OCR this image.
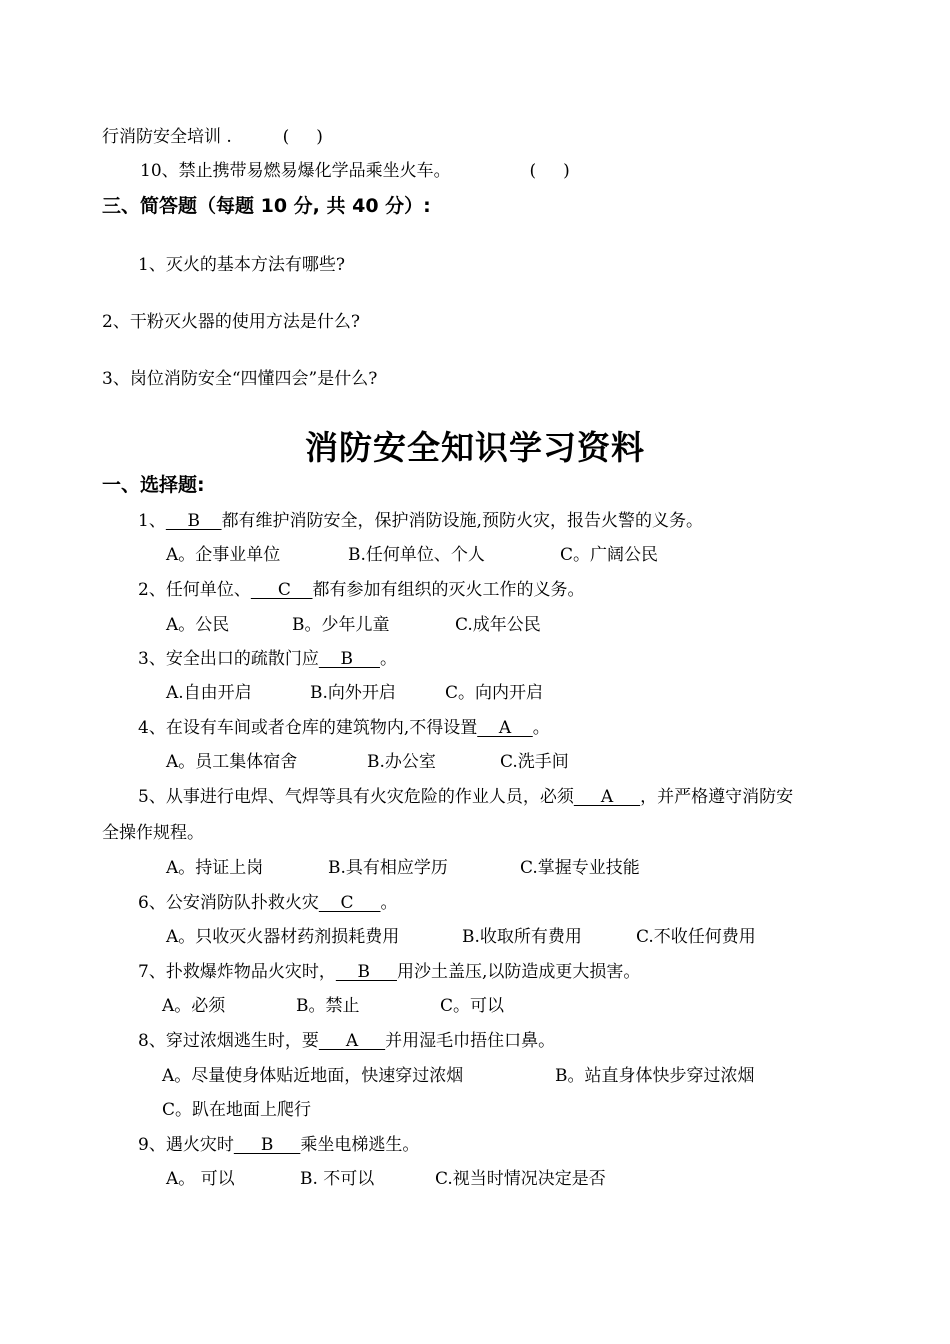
行消防安全培训 .	(     )
10、禁止携带易燃易爆化学品乘坐火车。	(     )
三、简答题（每题 10 分, 共 40 分）:
1、灭火的基本方法有哪些?
2、干粉灭火器的使用方法是什么?
3、岗位消防安全“四懂四会”是什么?
消防安全知识学习资料
一、选择题:
1、    B    都有维护消防安全，保护消防设施,预防火灾，报告火警的义务。
A。企事业单位	B.任何单位、个人	C。广阔公民
2、任何单位、     C    都有参加有组织的灭火工作的义务。
A。公民	B。少年儿童	C.成年公民
3、安全出口的疏散门应    B     。
A.自由开启	B.向外开启	C。向内开启
4、在设有车间或者仓库的建筑物内,不得设置    A    。
A。员工集体宿舍	B.办公室	C.洗手间
5、从事进行电焊、气焊等具有火灾危险的作业人员，必须     A     ，并严格遵守消防安
全操作规程。
A。持证上岗	B.具有相应学历	C.掌握专业技能
6、公安消防队扑救火灾    C     。
A。只收灭火器材药剂损耗费用	B.收取所有费用	C.不收任何费用
7、扑救爆炸物品火灾时，    B     用沙土盖压,以防造成更大损害。
A。必须	B。禁止	C。可以
8、穿过浓烟逃生时，要     A     并用湿毛巾捂住口鼻。
A。尽量使身体贴近地面，快速穿过浓烟	B。站直身体快步穿过浓烟
C。趴在地面上爬行
9、遇火灾时     B     乘坐电梯逃生。
A。 可以	B. 不可以	C.视当时情况决定是否
